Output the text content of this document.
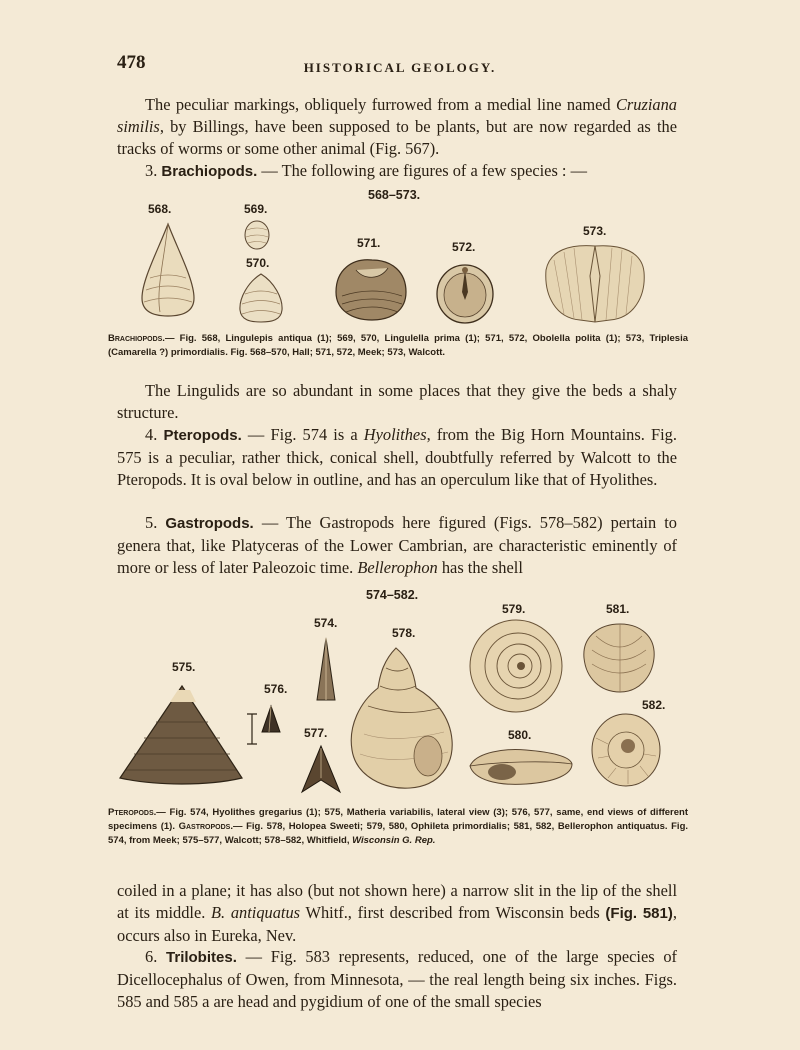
478	HISTORICAL GEOLOGY.
The peculiar markings, obliquely furrowed from a medial line named Cruziana similis, by Billings, have been supposed to be plants, but are now regarded as the tracks of worms or some other animal (Fig. 567).
3. Brachiopods. — The following are figures of a few species : —
568–573.
568.	569.
570.
571.	572.
573.
Brachiopods.— Fig. 568, Lingulepis antiqua (1); 569, 570, Lingulella prima (1); 571, 572, Obolella polita (1); 573, Triplesia (Camarella ?) primordialis. Fig. 568–570, Hall; 571, 572, Meek; 573, Walcott.
The Lingulids are so abundant in some places that they give the beds a shaly structure.
4. Pteropods. — Fig. 574 is a Hyolithes, from the Big Horn Mountains. Fig. 575 is a peculiar, rather thick, conical shell, doubtfully referred by Walcott to the Pteropods. It is oval below in outline, and has an operculum like that of Hyolithes.
5. Gastropods. — The Gastropods here figured (Figs. 578–582) pertain to genera that, like Platyceras of the Lower Cambrian, are characteristic eminently of more or less of later Paleozoic time. Bellerophon has the shell
574–582.
574.
575.
576.
577.
578.
579.
580.
581.
582.
Pteropods.— Fig. 574, Hyolithes gregarius (1); 575, Matheria variabilis, lateral view (3); 576, 577, same, end views of different specimens (1). Gastropods.— Fig. 578, Holopea Sweeti; 579, 580, Ophileta primordialis; 581, 582, Bellerophon antiquatus. Fig. 574, from Meek; 575–577, Walcott; 578–582, Whitfield, Wisconsin G. Rep.
coiled in a plane; it has also (but not shown here) a narrow slit in the lip of the shell at its middle. B. antiquatus Whitf., first described from Wisconsin beds (Fig. 581), occurs also in Eureka, Nev.
6. Trilobites. — Fig. 583 represents, reduced, one of the large species of Dicellocephalus of Owen, from Minnesota, — the real length being six inches. Figs. 585 and 585 a are head and pygidium of one of the small species
